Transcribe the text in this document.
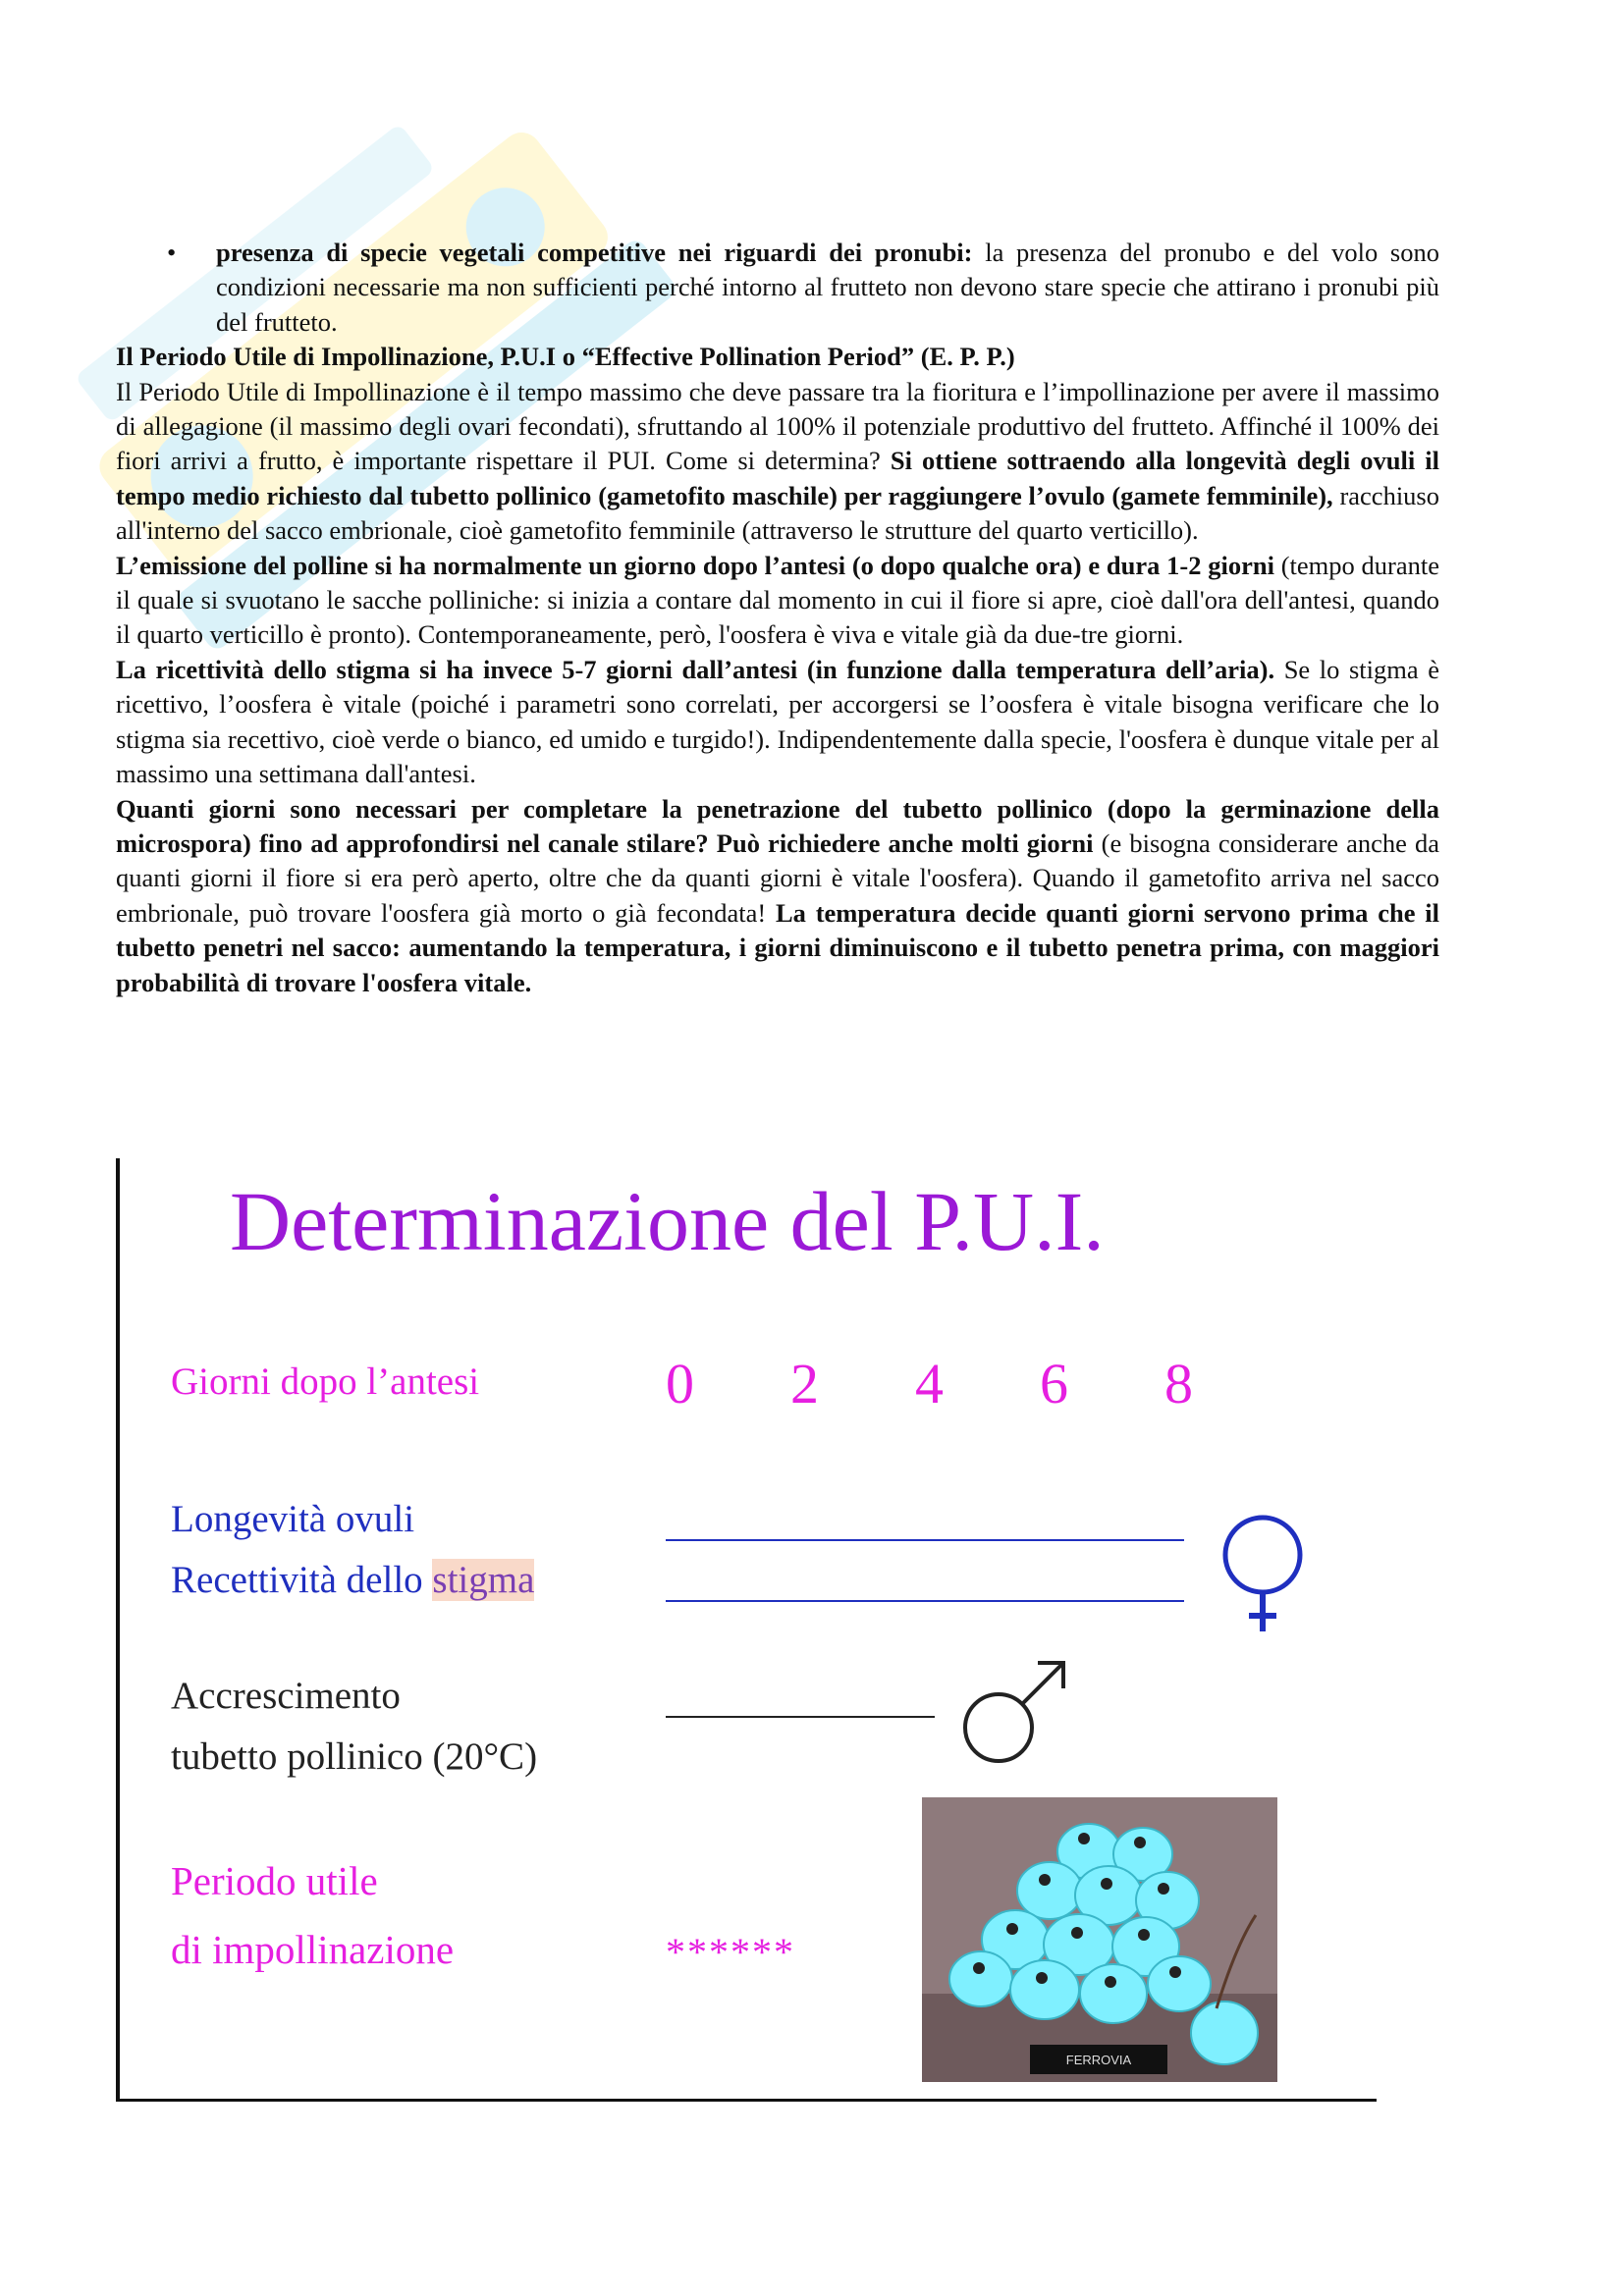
• presenza di specie vegetali competitive nei riguardi dei pronubi: la presenza del pronubo e del volo sono condizioni necessarie ma non sufficienti perché intorno al frutteto non devono stare specie che attirano i pronubi più del frutteto.

Il Periodo Utile di Impollinazione, P.U.I o “Effective Pollination Period” (E. P. P.)

Il Periodo Utile di Impollinazione è il tempo massimo che deve passare tra la fioritura e l’impollinazione per avere il massimo di allegagione (il massimo degli ovari fecondati), sfruttando al 100% il potenziale produttivo del frutteto. Affinché il 100% dei fiori arrivi a frutto, è importante rispettare il PUI. Come si determina? Si ottiene sottraendo alla longevità degli ovuli il tempo medio richiesto dal tubetto pollinico (gametofito maschile) per raggiungere l’ovulo (gamete femminile), racchiuso all'interno del sacco embrionale, cioè gametofito femminile (attraverso le strutture del quarto verticillo).

L’emissione del polline si ha normalmente un giorno dopo l’antesi (o dopo qualche ora) e dura 1-2 giorni (tempo durante il quale si svuotano le sacche polliniche: si inizia a contare dal momento in cui il fiore si apre, cioè dall'ora dell'antesi, quando il quarto verticillo è pronto). Contemporaneamente, però, l'oosfera è viva e vitale già da due-tre giorni.

La ricettività dello stigma si ha invece 5-7 giorni dall’antesi (in funzione dalla temperatura dell’aria). Se lo stigma è ricettivo, l’oosfera è vitale (poiché i parametri sono correlati, per accorgersi se l’oosfera è vitale bisogna verificare che lo stigma sia recettivo, cioè verde o bianco, ed umido e turgido!). Indipendentemente dalla specie, l'oosfera è dunque vitale per al massimo una settimana dall'antesi.

Quanti giorni sono necessari per completare la penetrazione del tubetto pollinico (dopo la germinazione della microspora) fino ad approfondirsi nel canale stilare? Può richiedere anche molti giorni (e bisogna considerare anche da quanti giorni il fiore si era però aperto, oltre che da quanti giorni è vitale l'oosfera). Quando il gametofito arriva nel sacco embrionale, può trovare l'oosfera già morto o già fecondata! La temperatura decide quanti giorni servono prima che il tubetto penetri nel sacco: aumentando la temperatura, i giorni diminuiscono e il tubetto penetra prima, con maggiori probabilità di trovare l'oosfera vitale.

Determinazione del P.U.I.
Giorni dopo l’antesi	0 2 4 6 8
Longevità ovuli
Recettività dello stigma
Accrescimento
tubetto pollinico (20°C)
Periodo utile
di impollinazione	******
FERROVIA
